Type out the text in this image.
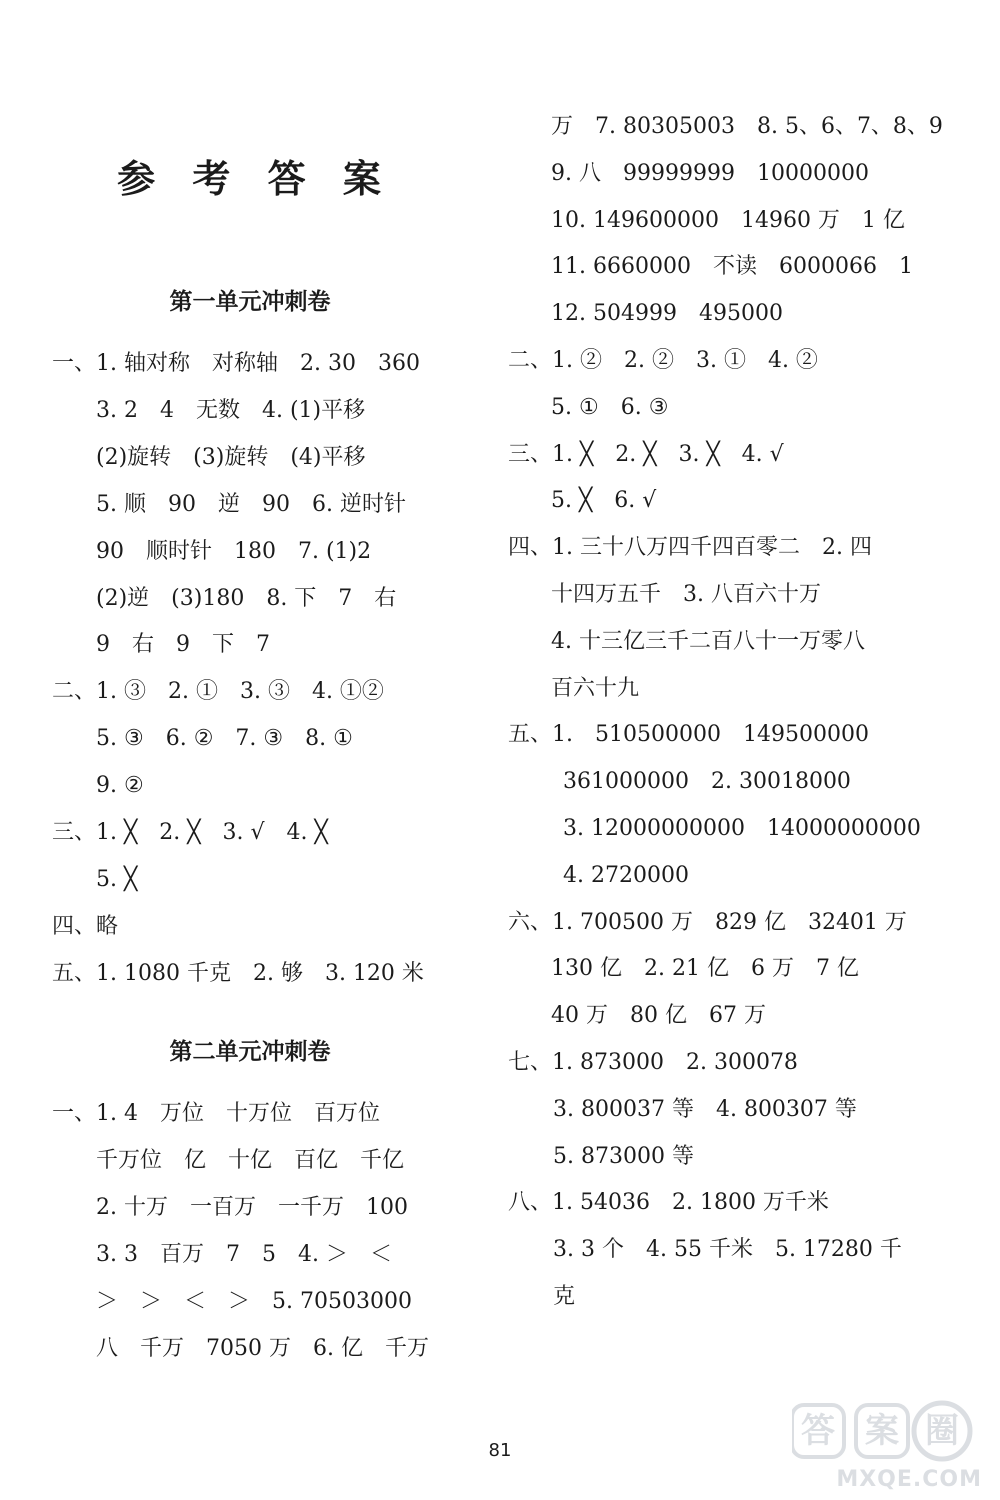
参 考 答 案
第一单元冲刺卷
一、1. 轴对称　对称轴　2. 30　360
3. 2　4　无数　4. (1)平移
(2)旋转　(3)旋转　(4)平移
5. 顺　90　逆　90　6. 逆时针
90　顺时针　180　7. (1)2
(2)逆　(3)180　8. 下　7　右
9　右　9　下　7
二、1. ③　2. ①　3. ③　4. ①②
5. ③　6. ②　7. ③　8. ①
9. ②
三、1. ╳　2. ╳　3. √　4. ╳
5. ╳
四、略
五、1. 1080 千克　2. 够　3. 120 米
第二单元冲刺卷
一、1. 4　万位　十万位　百万位
千万位　亿　十亿　百亿　千亿
2. 十万　一百万　一千万　100
3. 3　百万　7　5　4. ＞　＜
＞　＞　＜　＞　5. 70503000
八　千万　7050 万　6. 亿　千万
万　7. 80305003　8. 5、6、7、8、9
9. 八　99999999　10000000
10. 149600000　14960 万　1 亿
11. 6660000　不读　6000066　1
12. 504999　495000
二、1. ②　2. ②　3. ①　4. ②
5. ①　6. ③
三、1. ╳　2. ╳　3. ╳　4. √
5. ╳　6. √
四、1. 三十八万四千四百零二　2. 四
十四万五千　3. 八百六十万
4. 十三亿三千二百八十一万零八
百六十九
五、1.　510500000　149500000
361000000　2. 30018000
3. 12000000000　14000000000
4. 2720000
六、1. 700500 万　829 亿　32401 万
130 亿　2. 21 亿　6 万　7 亿
40 万　80 亿　67 万
七、1. 873000　2. 300078
3. 800037 等　4. 800307 等
5. 873000 等
八、1. 54036　2. 1800 万千米
3. 3 个　4. 55 千米　5. 17280 千
克
81	答 案 圈
MXQE.COM
